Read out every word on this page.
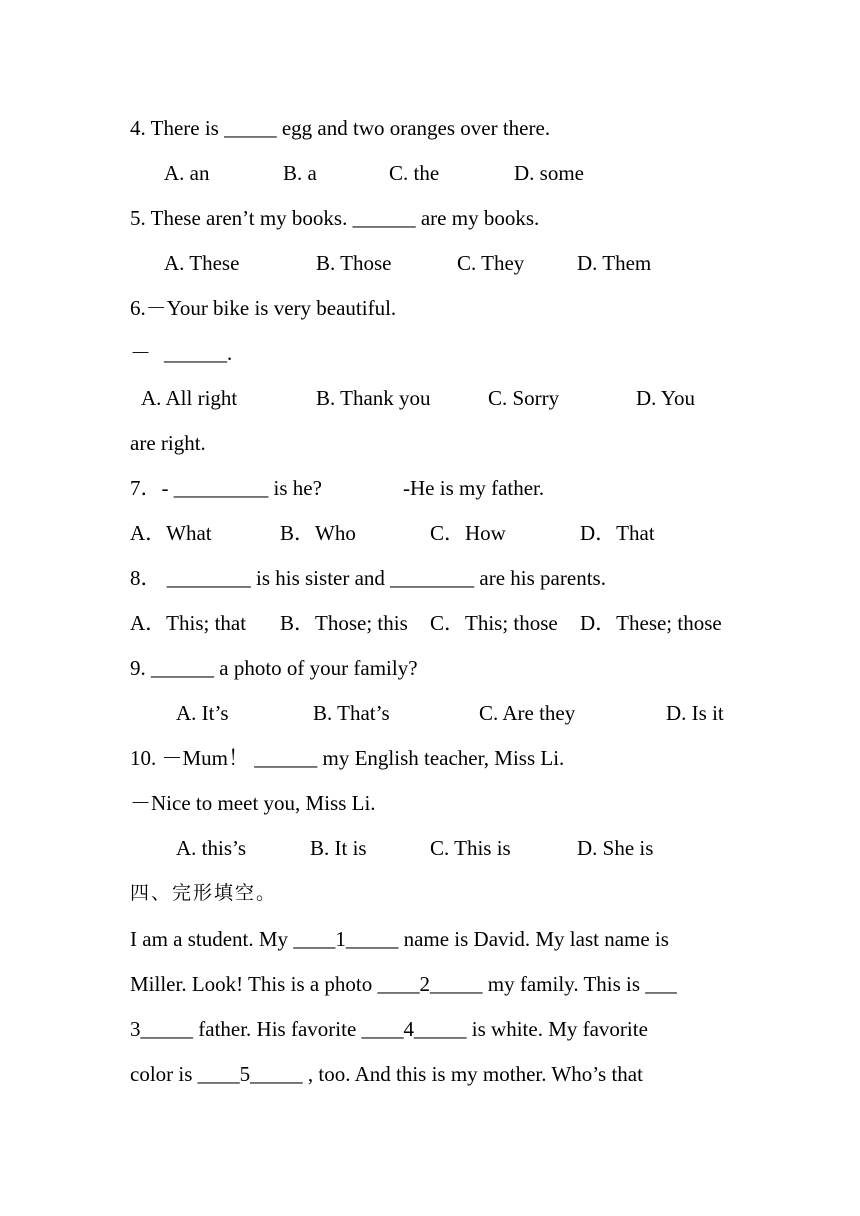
4. There is _____ egg and two oranges over there.
A. an	B. a	C. the	D. some
5. These aren’t my books. ______ are my books.
A. These	B. Those	C. They	D. Them
6.－Your bike is very beautiful.
－ ______.
A. All right	B. Thank you	C. Sorry	D. You
are right.
7．- _________ is he?	-He is my father.
A．What	B．Who	C．How	D．That
8． ________ is his sister and ________ are his parents.
A．This; that B．Those; this C．This; those D．These; those
9. ______ a photo of your family?
A. It’s	B. That’s	C. Are they	D. Is it
10. －Mum！ ______ my English teacher, Miss Li.
－Nice to meet you, Miss Li.
A. this’s	B. It is	C. This is	D. She is
四、完形填空。
I am a student. My ____1_____ name is David. My last name is
Miller. Look! This is a photo ____2_____ my family. This is ___
3_____ father. His favorite ____4_____ is white. My favorite
color is ____5_____ , too. And this is my mother. Who’s that
